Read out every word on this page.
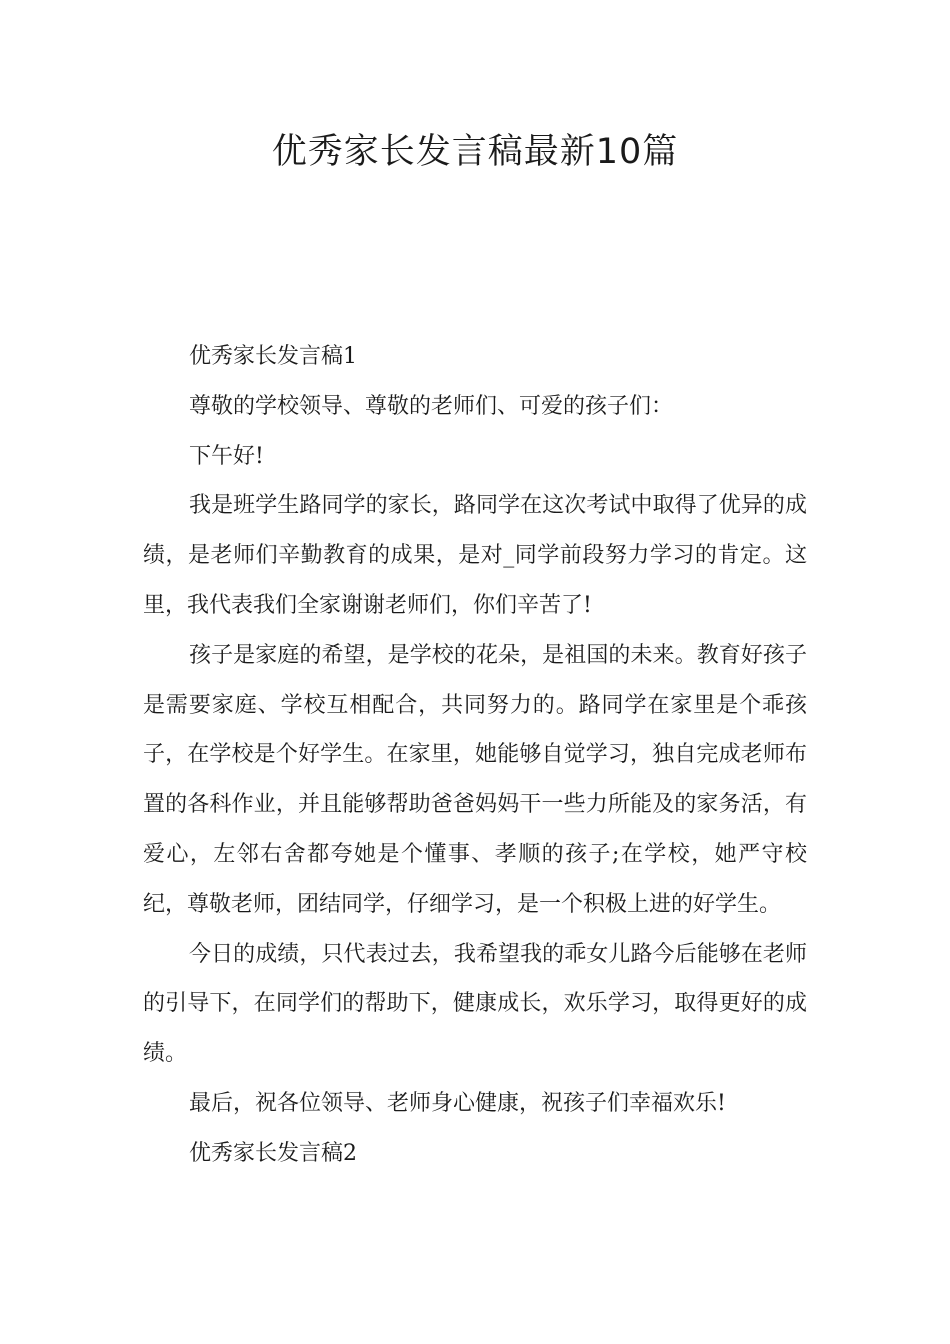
优秀家长发言稿最新10篇

优秀家长发言稿1

尊敬的学校领导、尊敬的老师们、可爱的孩子们：

下午好!

我是班学生路同学的家长，路同学在这次考试中取得了优异的成绩，是老师们辛勤教育的成果，是对_同学前段努力学习的肯定。这里，我代表我们全家谢谢老师们，你们辛苦了!

孩子是家庭的希望，是学校的花朵，是祖国的未来。教育好孩子是需要家庭、学校互相配合，共同努力的。路同学在家里是个乖孩子，在学校是个好学生。在家里，她能够自觉学习，独自完成老师布置的各科作业，并且能够帮助爸爸妈妈干一些力所能及的家务活，有爱心，左邻右舍都夸她是个懂事、孝顺的孩子;在学校，她严守校纪，尊敬老师，团结同学，仔细学习，是一个积极上进的好学生。

今日的成绩，只代表过去，我希望我的乖女儿路今后能够在老师的引导下，在同学们的帮助下，健康成长，欢乐学习，取得更好的成绩。

最后，祝各位领导、老师身心健康，祝孩子们幸福欢乐!

优秀家长发言稿2
